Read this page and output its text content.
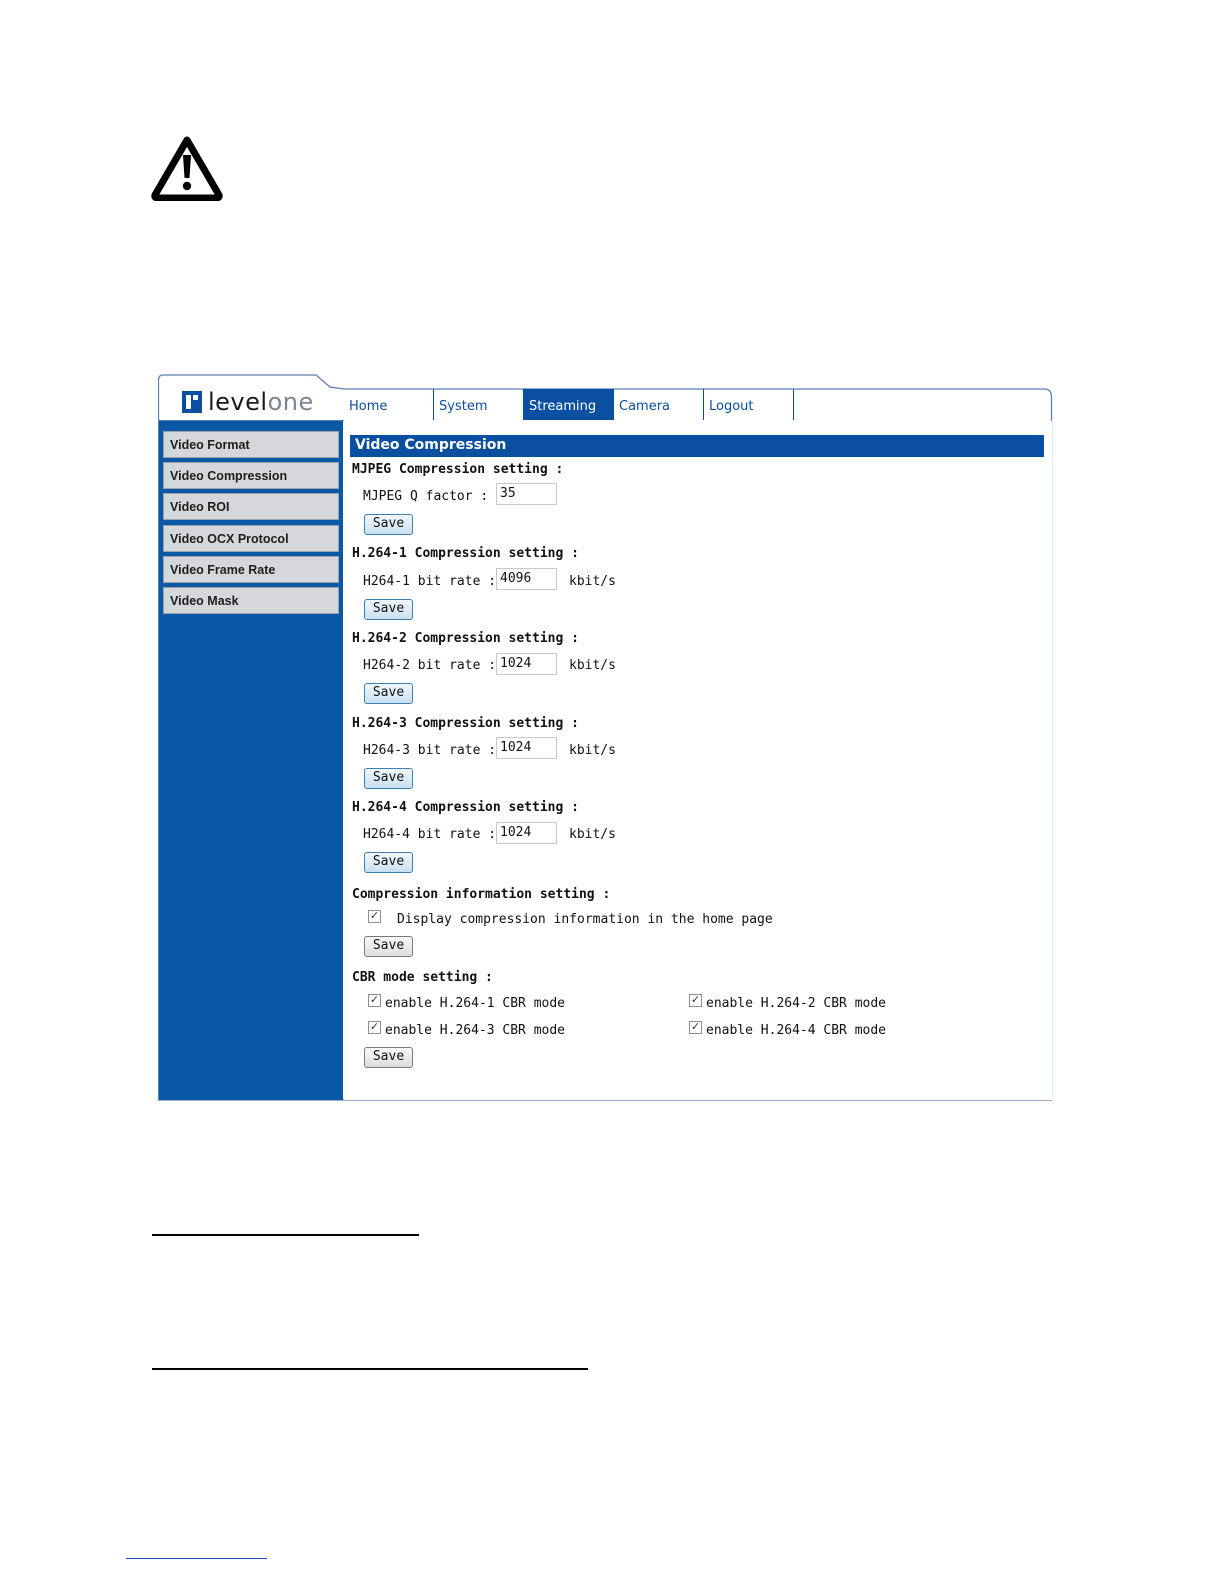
levelone	Home	System	Streaming	Camera	Logout
Video Format
Video Compression
Video ROI
Video OCX Protocol
Video Frame Rate
Video Mask
Video Compression
MJPEG Compression setting :
MJPEG Q factor : 35
Save
H.264-1 Compression setting :
H264-1 bit rate : 4096	kbit/s
Save
H.264-2 Compression setting :
H264-2 bit rate : 1024	kbit/s
Save
H.264-3 Compression setting :
H264-3 bit rate : 1024	kbit/s
Save
H.264-4 Compression setting :
H264-4 bit rate : 1024	kbit/s
Save
Compression information setting :
✓ Display compression information in the home page
Save
CBR mode setting :
✓ enable H.264-1 CBR mode	✓ enable H.264-2 CBR mode
✓ enable H.264-3 CBR mode	✓ enable H.264-4 CBR mode
Save
